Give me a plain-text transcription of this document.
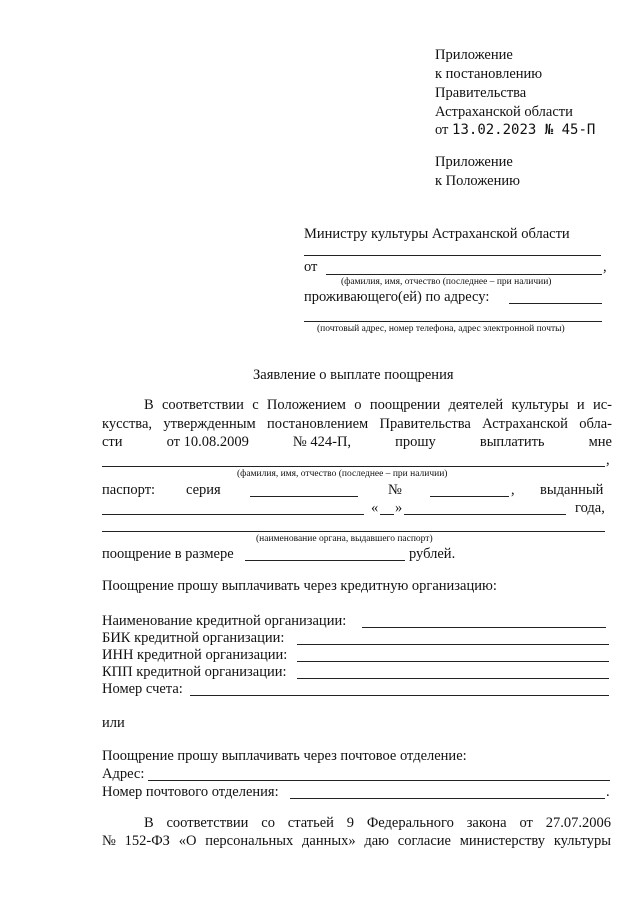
Приложение
к постановлению
Правительства
Астраханской области
от 13.02.2023 № 45-П
Приложение
к Положению
Министру культуры Астраханской области
от	,
(фамилия, имя, отчество (последнее – при наличии)
проживающего(ей) по адресу:
(почтовый адрес, номер телефона, адрес электронной почты)
Заявление о выплате поощрения
В соответствии с Положением о поощрении деятелей культуры и ис-
кусства, утвержденным постановлением Правительства Астраханской обла-
сти	от 10.08.2009	№ 424-П,	прошу	выплатить	мне
,
(фамилия, имя, отчество (последнее – при наличии)
паспорт: серия	№	, выданный
« »	года,
(наименование органа, выдавшего паспорт)
поощрение в размере	рублей.
Поощрение прошу выплачивать через кредитную организацию:
Наименование кредитной организации:
БИК кредитной организации:
ИНН кредитной организации:
КПП кредитной организации:
Номер счета:
или
Поощрение прошу выплачивать через почтовое отделение:
Адрес:
Номер почтового отделения:	.
В соответствии со статьей 9 Федерального закона от 27.07.2006
№ 152-ФЗ «О персональных данных» даю согласие министерству культуры
